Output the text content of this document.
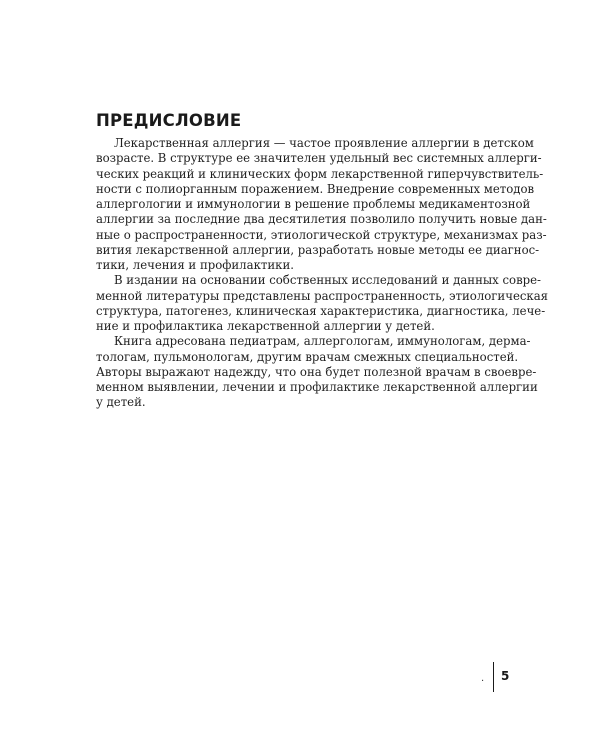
ПРЕДИСЛОВИЕ

Лекарственная аллергия — частое проявление аллергии в детском
возрасте. В структуре ее значителен удельный вес системных аллерги-
ческих реакций и клинических форм лекарственной гиперчувствитель-
ности с полиорганным поражением. Внедрение современных методов
аллергологии и иммунологии в решение проблемы медикаментозной
аллергии за последние два десятилетия позволило получить новые дан-
ные о распространенности, этиологической структуре, механизмах раз-
вития лекарственной аллергии, разработать новые методы ее диагнос-
тики, лечения и профилактики.

В издании на основании собственных исследований и данных совре-
менной литературы представлены распространенность, этиологическая
структура, патогенез, клиническая характеристика, диагностика, лече-
ние и профилактика лекарственной аллергии у детей.

Книга адресована педиатрам, аллергологам, иммунологам, дерма-
тологам, пульмонологам, другим врачам смежных специальностей.
Авторы выражают надежду, что она будет полезной врачам в своевре-
менном выявлении, лечении и профилактике лекарственной аллергии
у детей.

. 5
